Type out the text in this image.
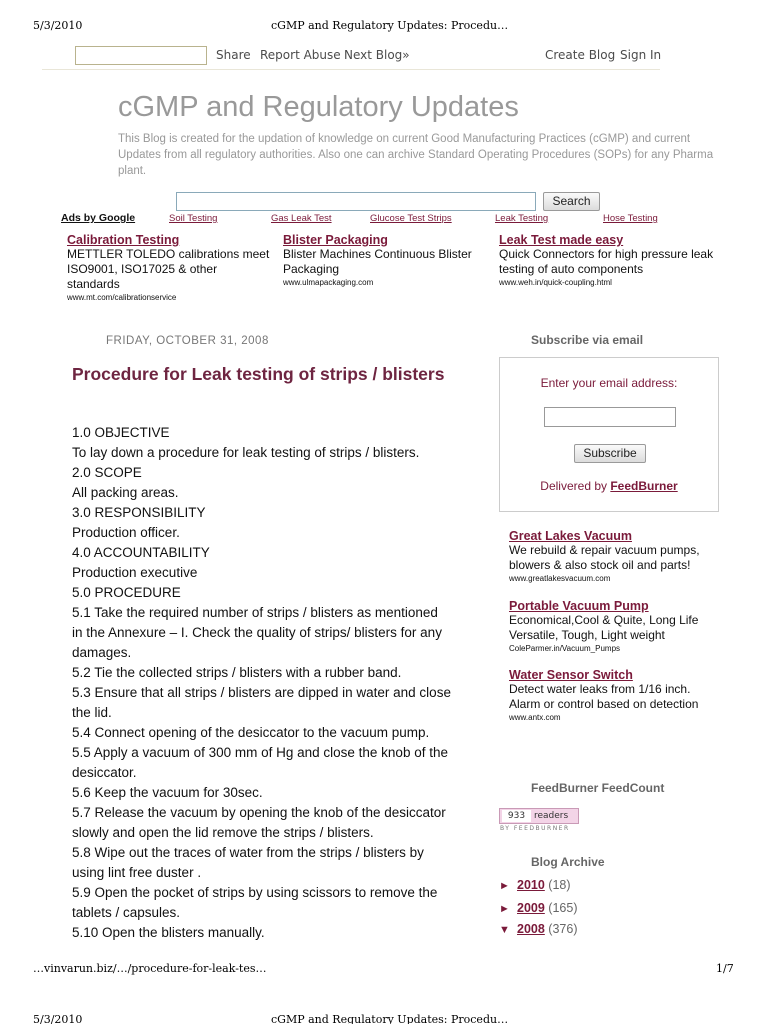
5/3/2010	cGMP and Regulatory Updates: Procedu…
Share Report Abuse Next Blog»	Create Blog Sign In
cGMP and Regulatory Updates
This Blog is created for the updation of knowledge on current Good Manufacturing Practices (cGMP) and current Updates from all regulatory authorities. Also one can archive Standard Operating Procedures (SOPs) for any Pharma plant.
Search
Ads by Google	Soil Testing	Gas Leak Test	Glucose Test Strips	Leak Testing	Hose Testing
Calibration Testing
METTLER TOLEDO calibrations meet ISO9001, ISO17025 & other standards
www.mt.com/calibrationservice
Blister Packaging
Blister Machines Continuous Blister Packaging
www.ulmapackaging.com
Leak Test made easy
Quick Connectors for high pressure leak testing of auto components
www.weh.in/quick-coupling.html
FRIDAY, OCTOBER 31, 2008
Procedure for Leak testing of strips / blisters
1.0 OBJECTIVE
To lay down a procedure for leak testing of strips / blisters.
2.0 SCOPE
All packing areas.
3.0 RESPONSIBILITY
Production officer.
4.0 ACCOUNTABILITY
Production executive
5.0 PROCEDURE
5.1 Take the required number of strips / blisters as mentioned
in the Annexure – I. Check the quality of strips/ blisters for any
damages.
5.2 Tie the collected strips / blisters with a rubber band.
5.3 Ensure that all strips / blisters are dipped in water and close
the lid.
5.4 Connect opening of the desiccator to the vacuum pump.
5.5 Apply a vacuum of 300 mm of Hg and close the knob of the
desiccator.
5.6 Keep the vacuum for 30sec.
5.7 Release the vacuum by opening the knob of the desiccator
slowly and open the lid remove the strips / blisters.
5.8 Wipe out the traces of water from the strips / blisters by
using lint free duster .
5.9 Open the pocket of strips by using scissors to remove the
tablets / capsules.
5.10 Open the blisters manually.
Subscribe via email
Enter your email address:
Subscribe
Delivered by FeedBurner
Great Lakes Vacuum
We rebuild & repair vacuum pumps, blowers & also stock oil and parts!
www.greatlakesvacuum.com
Portable Vacuum Pump
Economical,Cool & Quite, Long Life Versatile, Tough, Light weight
ColeParmer.in/Vacuum_Pumps
Water Sensor Switch
Detect water leaks from 1/16 inch. Alarm or control based on detection
www.antx.com
FeedBurner FeedCount
933 readers
BY FEEDBURNER
Blog Archive
► 2010 (18)
► 2009 (165)
▼ 2008 (376)
…vinvarun.biz/…/procedure-for-leak-tes…	1/7
5/3/2010	cGMP and Regulatory Updates: Procedu…
